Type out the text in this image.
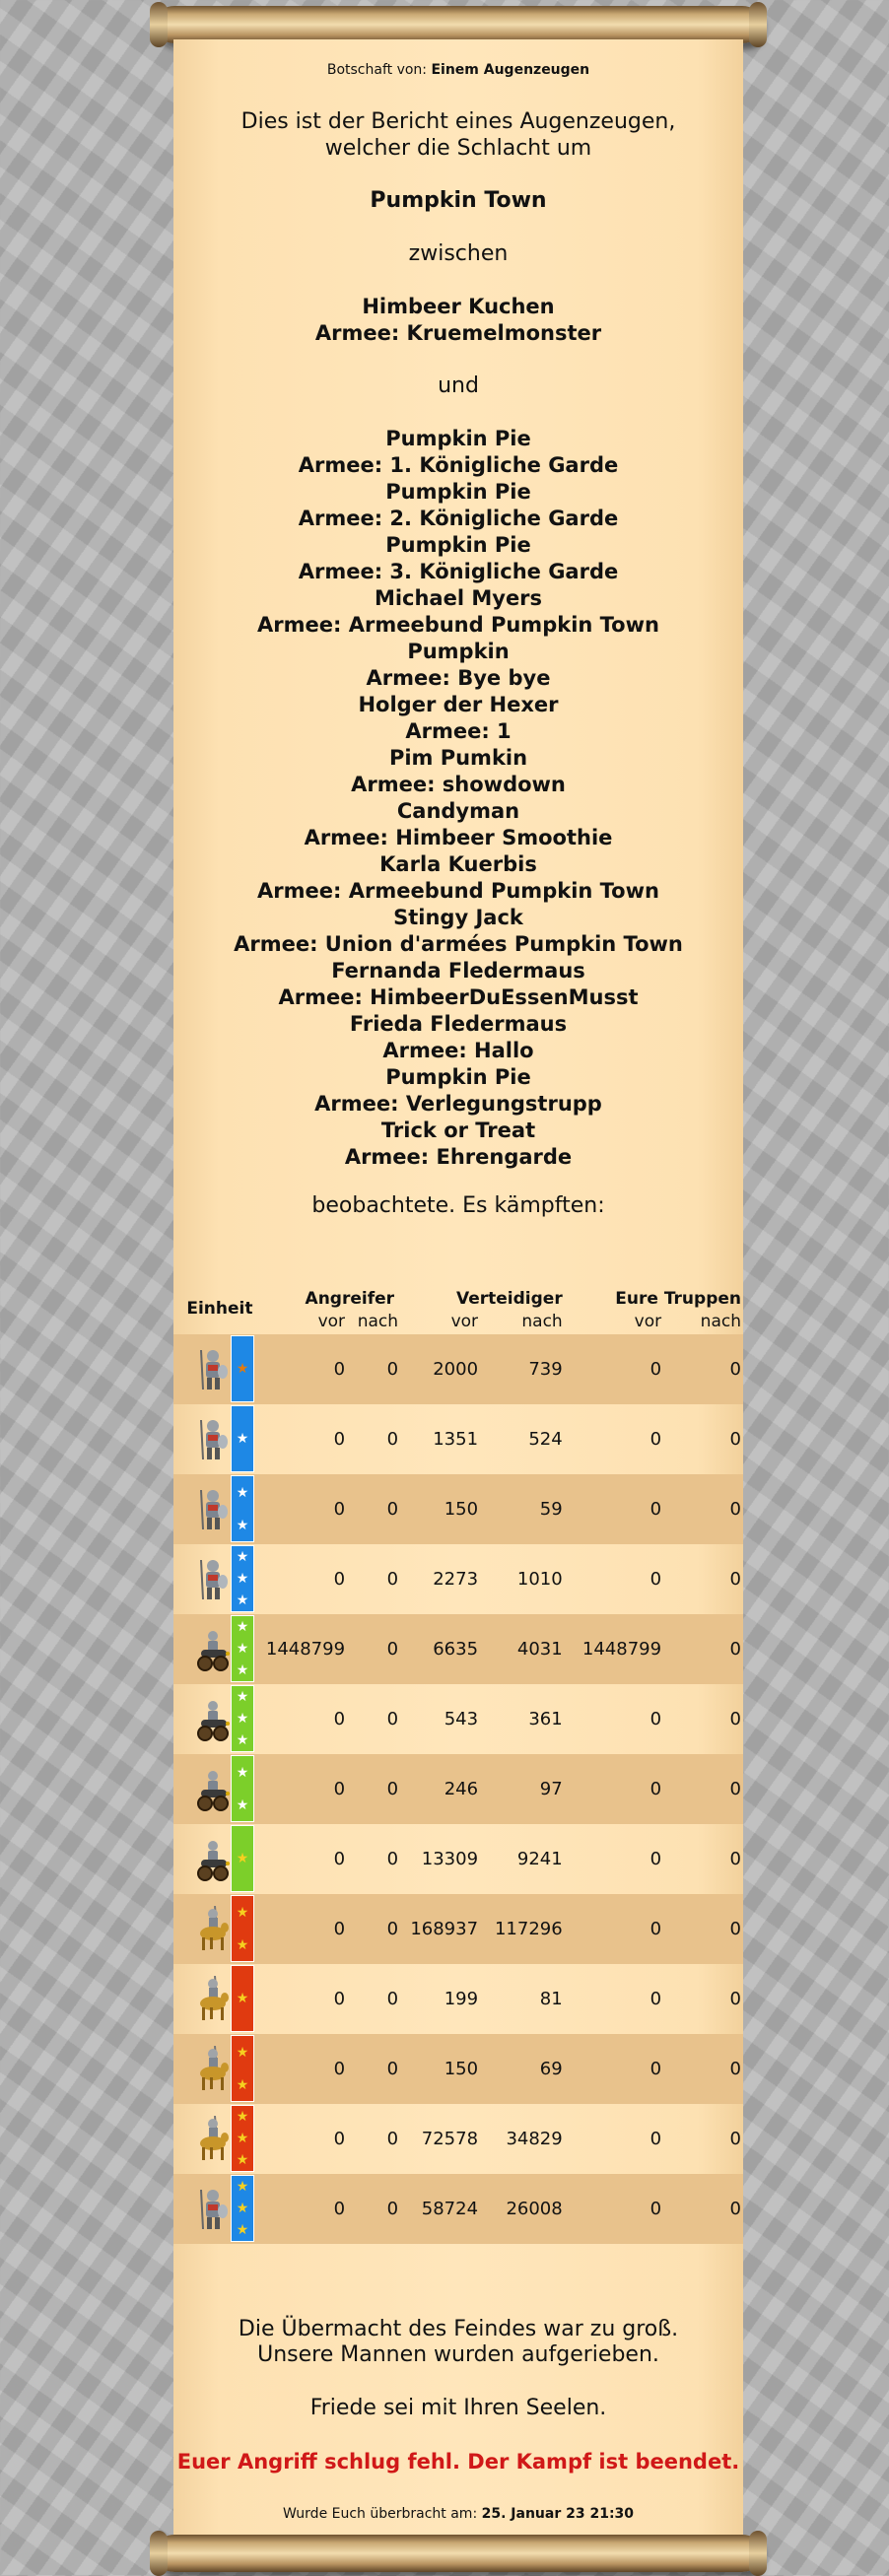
Botschaft von: Einem Augenzeugen
Dies ist der Bericht eines Augenzeugen, welcher die Schlacht um
Pumpkin Town
zwischen
Himbeer Kuchen
Armee: Kruemelmonster
und
Pumpkin Pie
Armee: 1. Königliche Garde
Pumpkin Pie
Armee: 2. Königliche Garde
Pumpkin Pie
Armee: 3. Königliche Garde
Michael Myers
Armee: Armeebund Pumpkin Town
Pumpkin
Armee: Bye bye
Holger der Hexer
Armee: 1
Pim Pumkin
Armee: showdown
Candyman
Armee: Himbeer Smoothie
Karla Kuerbis
Armee: Armeebund Pumpkin Town
Stingy Jack
Armee: Union d'armées Pumpkin Town
Fernanda Fledermaus
Armee: HimbeerDuEssenMusst
Frieda Fledermaus
Armee: Hallo
Pumpkin Pie
Armee: Verlegungstrupp
Trick or Treat
Armee: Ehrengarde
beobachtete. Es kämpften:
Einheit	Angreifer		Verteidiger		Eure Truppen	
	vor	nach	vor	nach	vor	nach

★	0	0	2000	739	0	0

★	0	0	1351	524	0	0

★
★	0	0	150	59	0	0

★
★
★	0	0	2273	1010	0	0

★
★
★	1448799	0	6635	4031	1448799	0

★
★
★	0	0	543	361	0	0

★
★	0	0	246	97	0	0

★	0	0	13309	9241	0	0

★
★	0	0	168937	117296	0	0

★	0	0	199	81	0	0

★
★	0	0	150	69	0	0

★
★
★	0	0	72578	34829	0	0

★
★
★	0	0	58724	26008	0	0
Die Übermacht des Feindes war zu groß.
Unsere Mannen wurden aufgerieben.
Friede sei mit Ihren Seelen.
Euer Angriff schlug fehl. Der Kampf ist beendet.
Wurde Euch überbracht am: 25. Januar 23 21:30
